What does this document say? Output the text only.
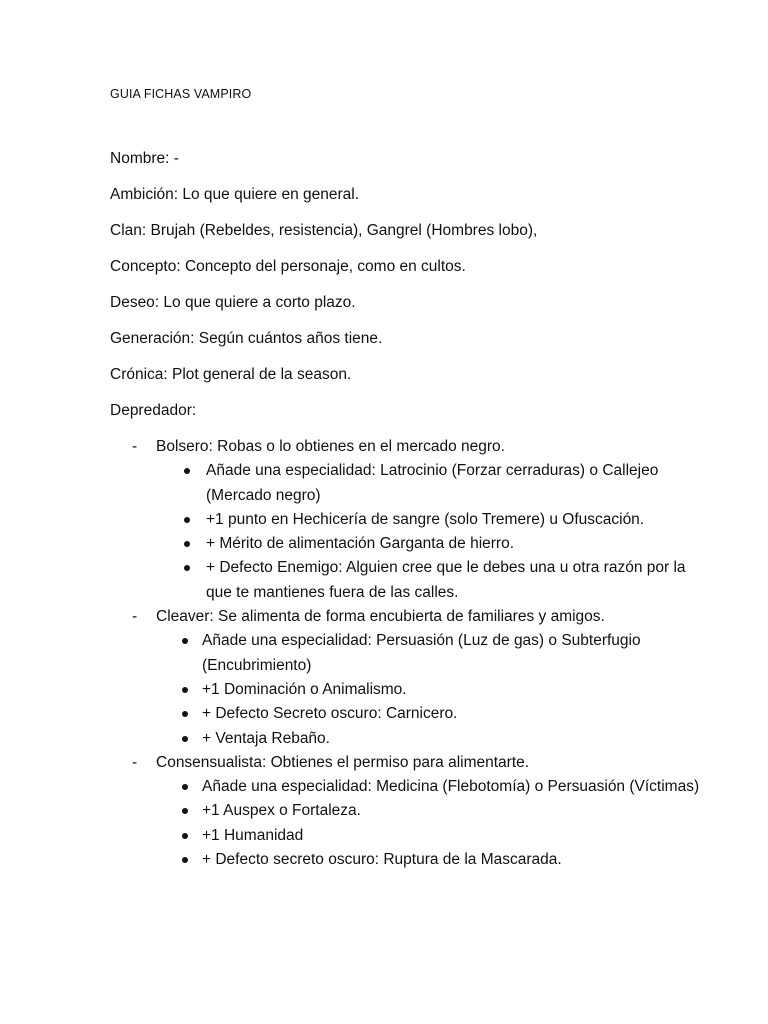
GUIA FICHAS VAMPIRO
Nombre: -
Ambición: Lo que quiere en general.
Clan: Brujah (Rebeldes, resistencia), Gangrel (Hombres lobo),
Concepto: Concepto del personaje, como en cultos.
Deseo: Lo que quiere a corto plazo.
Generación: Según cuántos años tiene.
Crónica: Plot general de la season.
Depredador:
- Bolsero: Robas o lo obtienes en el mercado negro.
Añade una especialidad: Latrocinio (Forzar cerraduras) o Callejeo (Mercado negro)
+1 punto en Hechicería de sangre (solo Tremere) u Ofuscación.
+ Mérito de alimentación Garganta de hierro.
+ Defecto Enemigo: Alguien cree que le debes una u otra razón por la que te mantienes fuera de las calles.
- Cleaver: Se alimenta de forma encubierta de familiares y amigos.
Añade una especialidad: Persuasión (Luz de gas) o Subterfugio (Encubrimiento)
+1 Dominación o Animalismo.
+ Defecto Secreto oscuro: Carnicero.
+ Ventaja Rebaño.
- Consensualista: Obtienes el permiso para alimentarte.
Añade una especialidad: Medicina (Flebotomía) o Persuasión (Víctimas)
+1 Auspex o Fortaleza.
+1 Humanidad
+ Defecto secreto oscuro: Ruptura de la Mascarada.
